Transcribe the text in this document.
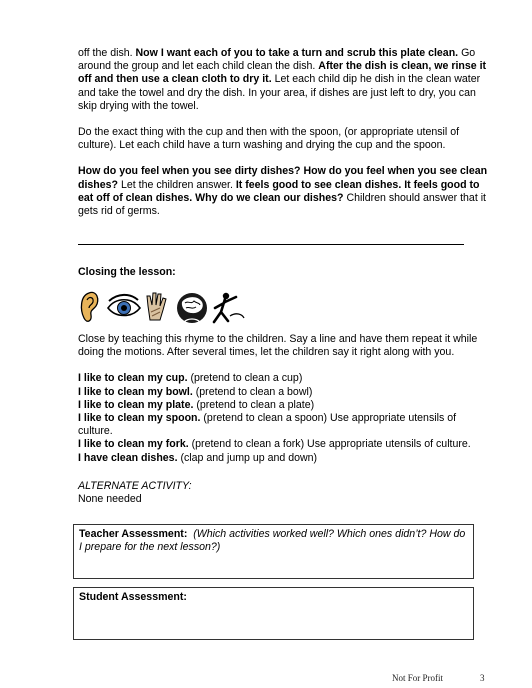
off the dish. Now I want each of you to take a turn and scrub this plate clean. Go around the group and let each child clean the dish. After the dish is clean, we rinse it off and then use a clean cloth to dry it. Let each child dip he dish in the clean water and take the towel and dry the dish. In your area, if dishes are just left to dry, you can skip drying with the towel.

Do the exact thing with the cup and then with the spoon, (or appropriate utensil of culture). Let each child have a turn washing and drying the cup and the spoon.

How do you feel when you see dirty dishes? How do you feel when you see clean dishes? Let the children answer. It feels good to see clean dishes. It feels good to eat off of clean dishes. Why do we clean our dishes? Children should answer that it gets rid of germs.

Closing the lesson:

Close by teaching this rhyme to the children. Say a line and have them repeat it while doing the motions. After several times, let the children say it right along with you.

I like to clean my cup. (pretend to clean a cup)

I like to clean my bowl. (pretend to clean a bowl)

I like to clean my plate. (pretend to clean a plate)

I like to clean my spoon. (pretend to clean a spoon) Use appropriate utensils of culture.

I like to clean my fork. (pretend to clean a fork) Use appropriate utensils of culture.

I have clean dishes. (clap and jump up and down)

ALTERNATE ACTIVITY:

None needed

Teacher Assessment: (Which activities worked well? Which ones didn’t? How do I prepare for the next lesson?)
Student Assessment:
Not For Profit	3
